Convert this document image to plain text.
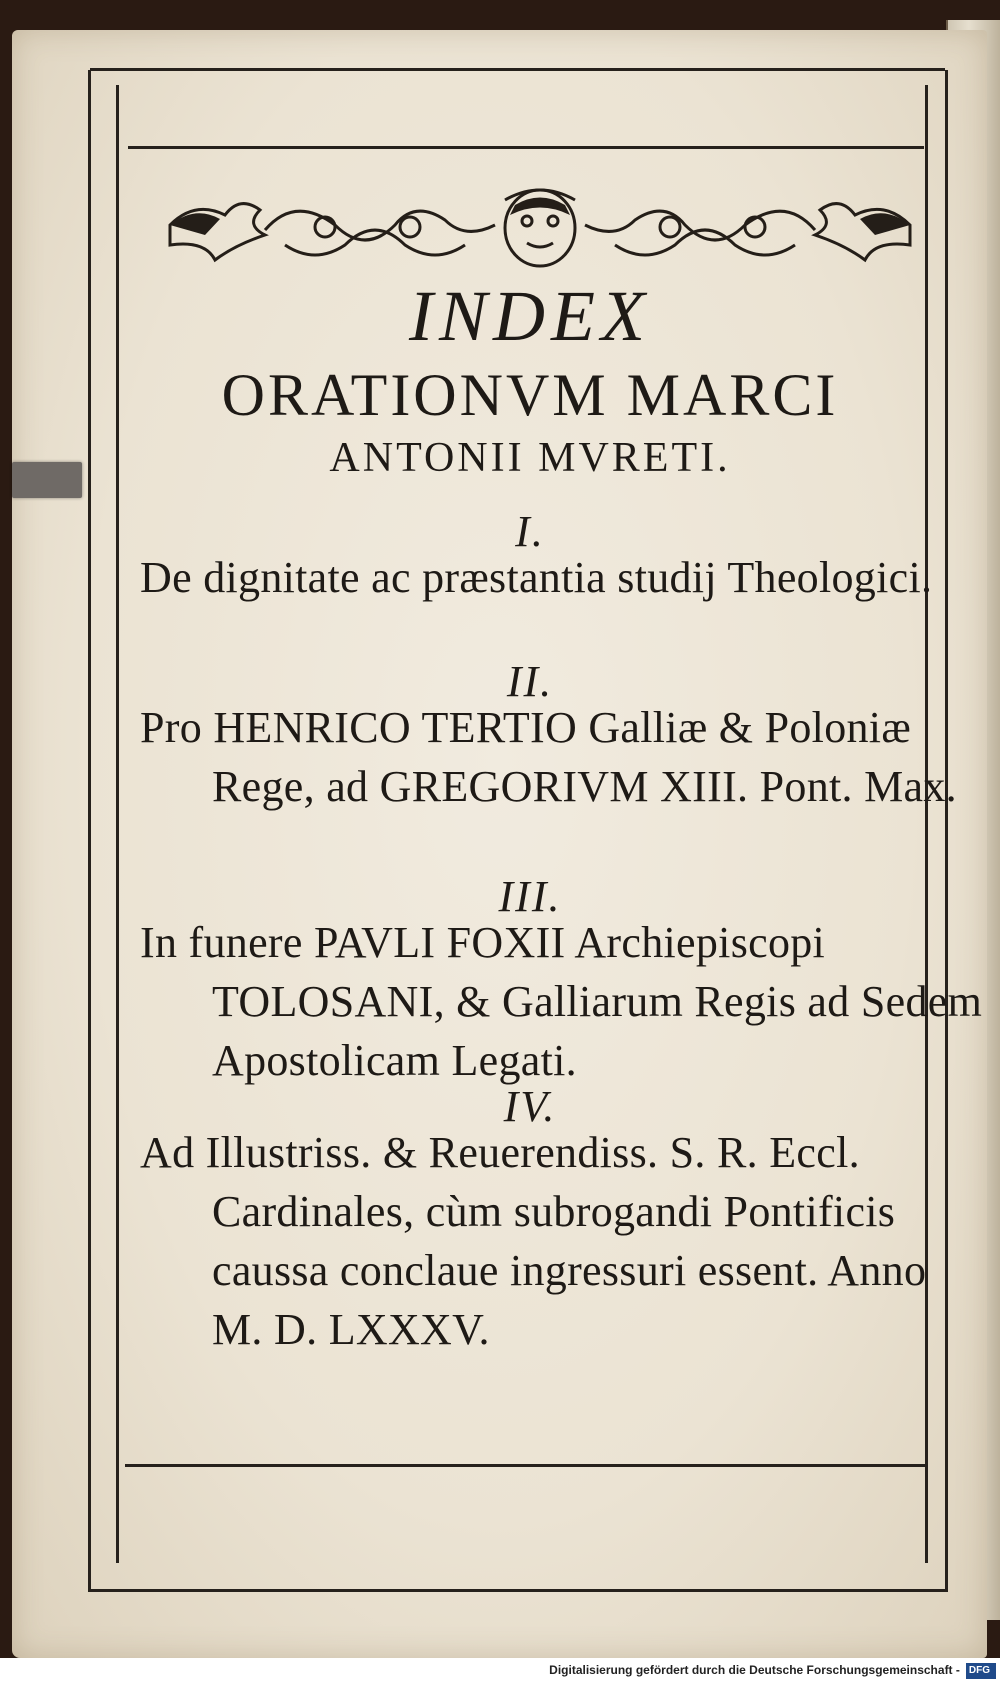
INDEX
ORATIONVM MARCI
ANTONII MVRETI.
I.

De dignitate ac præstantia studij Theologici.

II.

Pro HENRICO TERTIO Galliæ & Poloniæ Rege, ad GREGORIVM XIII. Pont. Max.

III.

In funere PAVLI FOXII Archiepiscopi TOLOSANI, & Galliarum Regis ad Sedem Apostolicam Legati.

IV.

Ad Illustriss. & Reuerendiss. S. R. Eccl. Cardinales, cùm subrogandi Pontificis caussa conclaue ingressuri essent. Anno M. D. LXXXV.

Digitalisierung gefördert durch die Deutsche Forschungsgemeinschaft - DFG
